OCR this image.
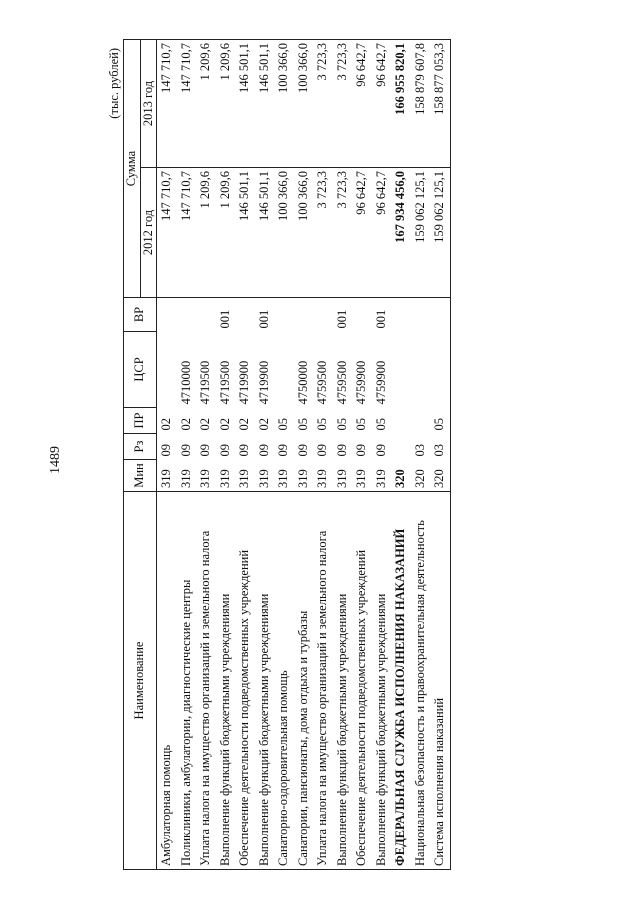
1489
(тыс. рублей)
Наименование	Мин	Рз	ПР	ЦСР	ВР	Сумма	
						2012 год	2013 год
Амбулаторная помощь	319	09	02			147 710,7	147 710,7
Поликлиники, амбулатории, диагностические центры	319	09	02	4710000		147 710,7	147 710,7
Уплата налога на имущество организаций и земельного налога	319	09	02	4719500		1 209,6	1 209,6
Выполнение функций бюджетными учреждениями	319	09	02	4719500	001	1 209,6	1 209,6
Обеспечение деятельности подведомственных учреждений	319	09	02	4719900		146 501,1	146 501,1
Выполнение функций бюджетными учреждениями	319	09	02	4719900	001	146 501,1	146 501,1
Санаторно-оздоровительная помощь	319	09	05			100 366,0	100 366,0
Санатории, пансионаты, дома отдыха и турбазы	319	09	05	4750000		100 366,0	100 366,0
Уплата налога на имущество организаций и земельного налога	319	09	05	4759500		3 723,3	3 723,3
Выполнение функций бюджетными учреждениями	319	09	05	4759500	001	3 723,3	3 723,3
Обеспечение деятельности подведомственных учреждений	319	09	05	4759900		96 642,7	96 642,7
Выполнение функций бюджетными учреждениями	319	09	05	4759900	001	96 642,7	96 642,7
ФЕДЕРАЛЬНАЯ СЛУЖБА ИСПОЛНЕНИЯ НАКАЗАНИЙ	320					167 934 456,0	166 955 820,1
Национальная безопасность и правоохранительная деятельность	320	03				159 062 125,1	158 879 607,8
Система исполнения наказаний	320	03	05			159 062 125,1	158 877 053,3
